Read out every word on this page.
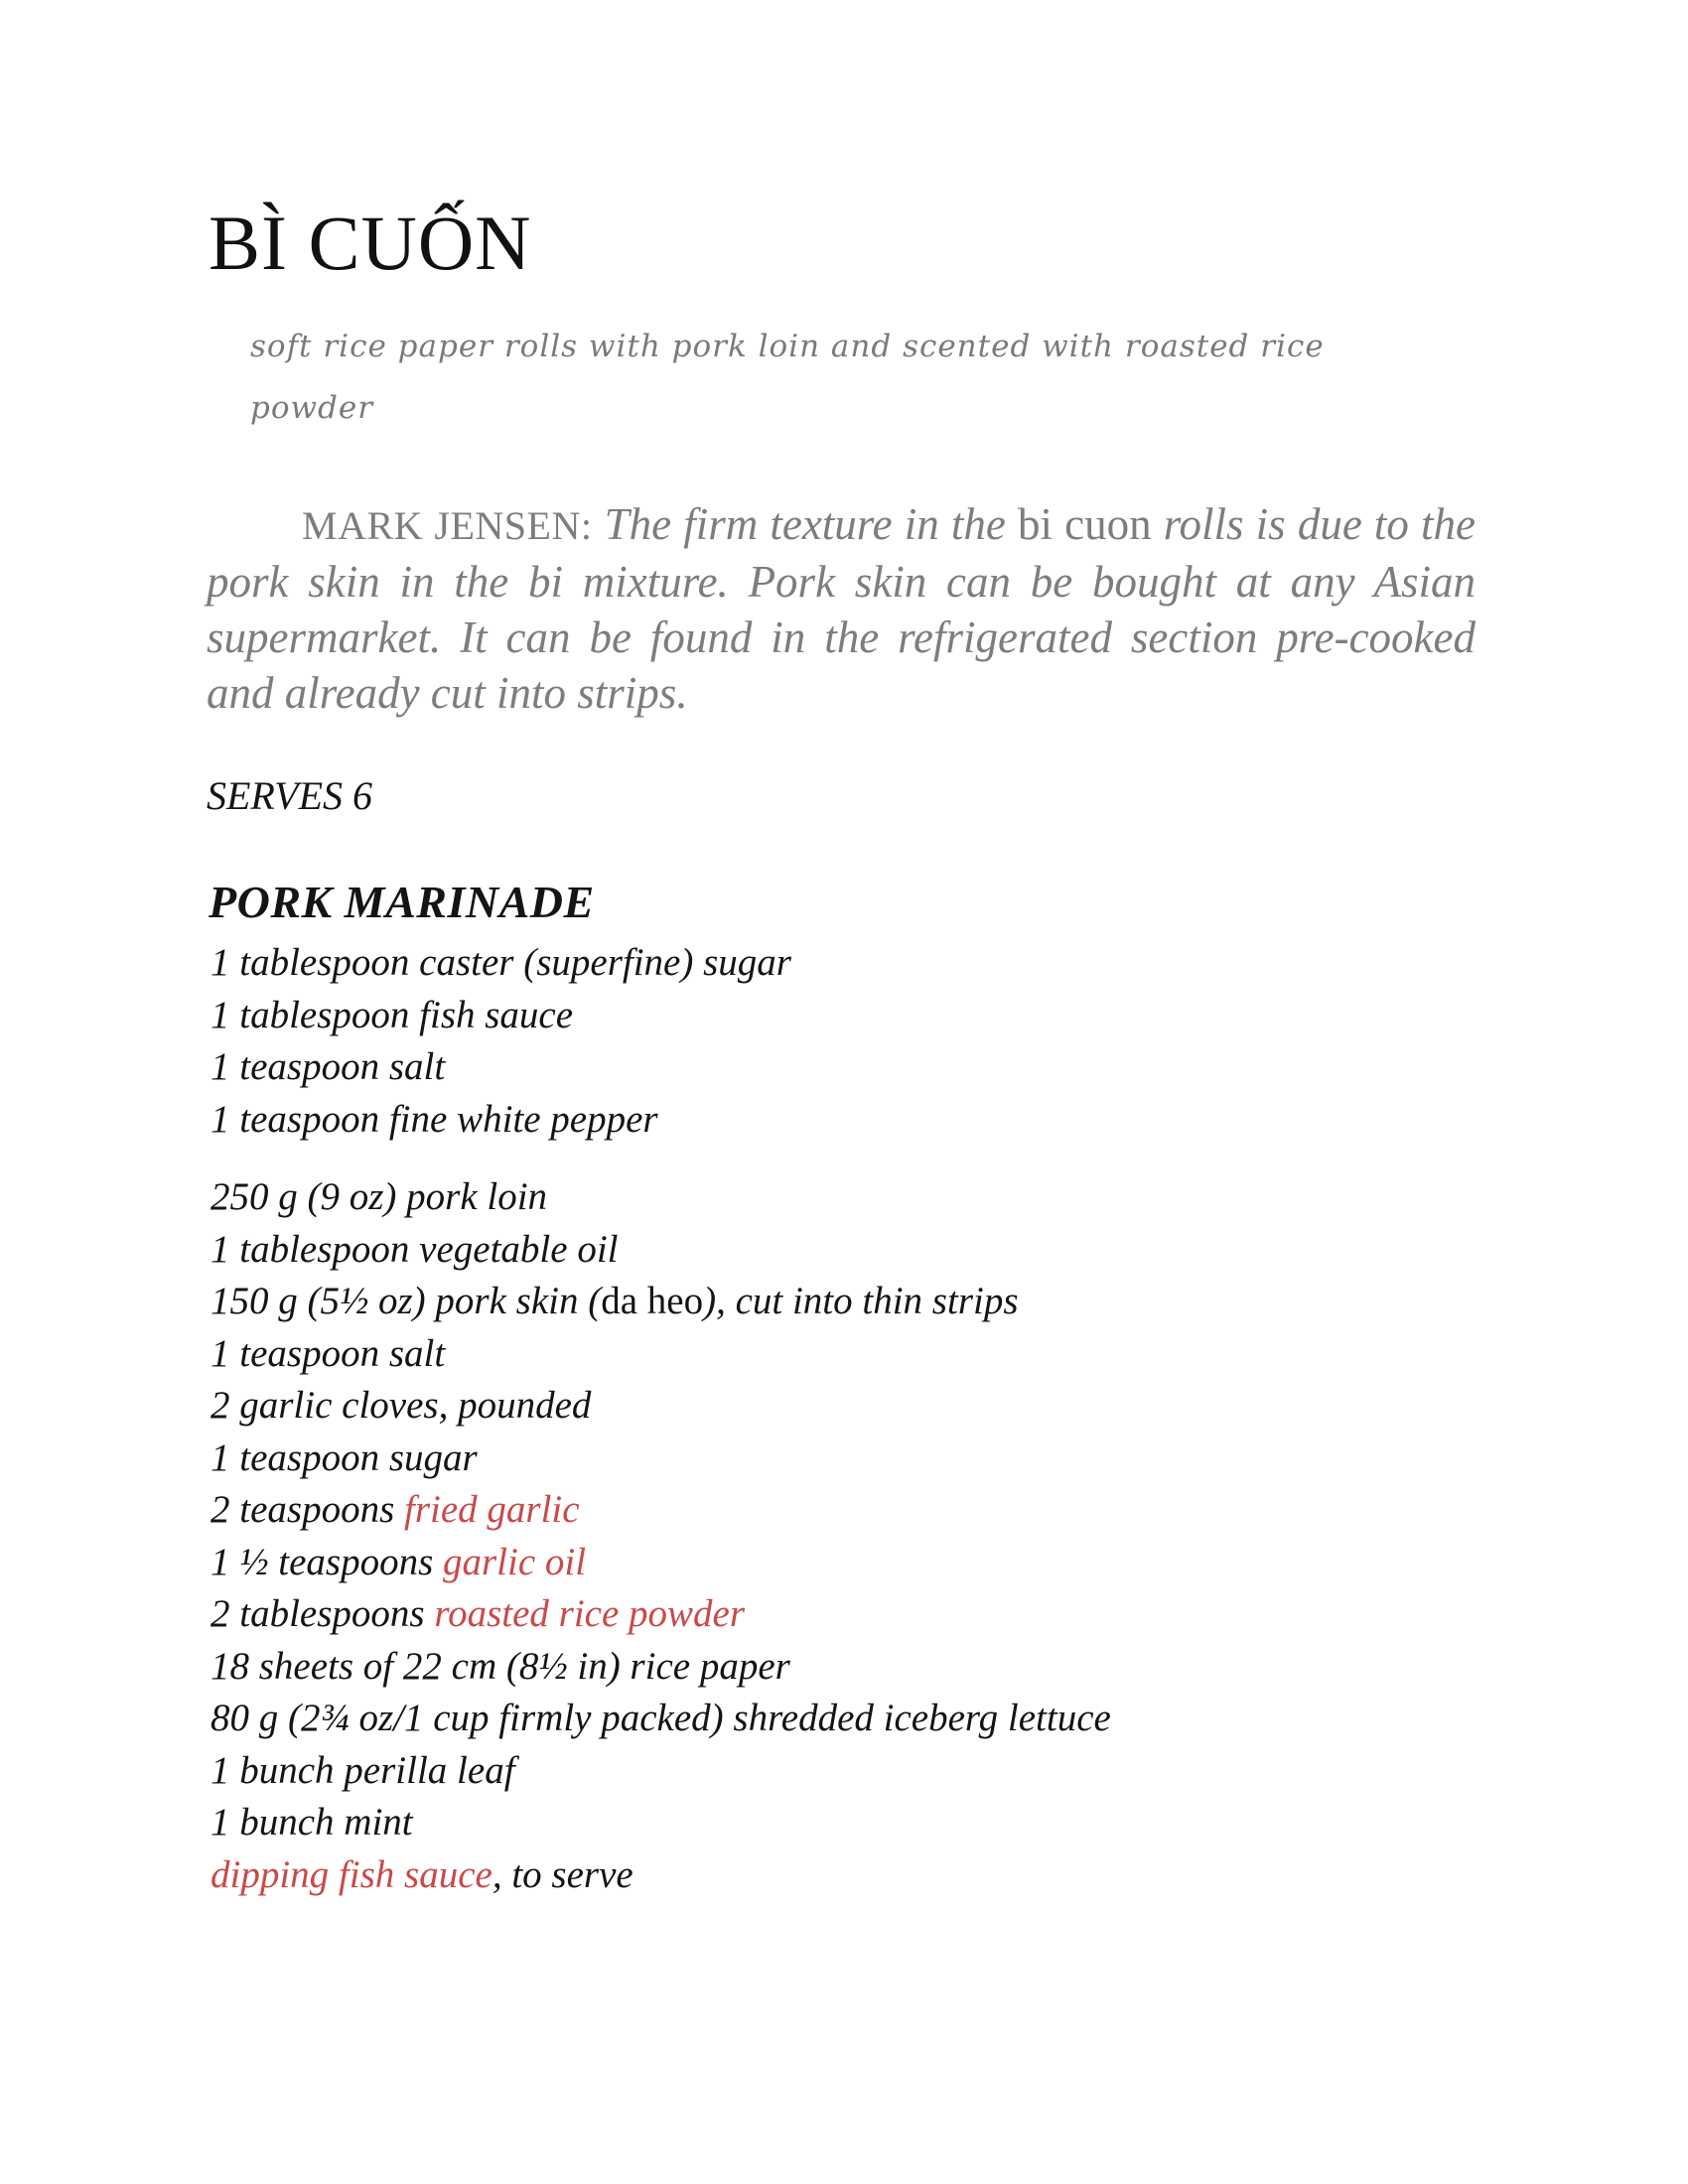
BÌ CUỐN

soft rice paper rolls with pork loin and scented with roasted rice
powder

MARK JENSEN: The firm texture in the bi cuon rolls is due to the pork skin in the bi mixture. Pork skin can be bought at any Asian supermarket. It can be found in the refrigerated section pre-cooked and already cut into strips.

SERVES 6

PORK MARINADE
1 tablespoon caster (superfine) sugar
1 tablespoon fish sauce
1 teaspoon salt
1 teaspoon fine white pepper
250 g (9 oz) pork loin
1 tablespoon vegetable oil
150 g (5½ oz) pork skin (da heo), cut into thin strips
1 teaspoon salt
2 garlic cloves, pounded
1 teaspoon sugar
2 teaspoons fried garlic
1 ½ teaspoons garlic oil
2 tablespoons roasted rice powder
18 sheets of 22 cm (8½ in) rice paper
80 g (2¾ oz/1 cup firmly packed) shredded iceberg lettuce
1 bunch perilla leaf
1 bunch mint
dipping fish sauce, to serve
